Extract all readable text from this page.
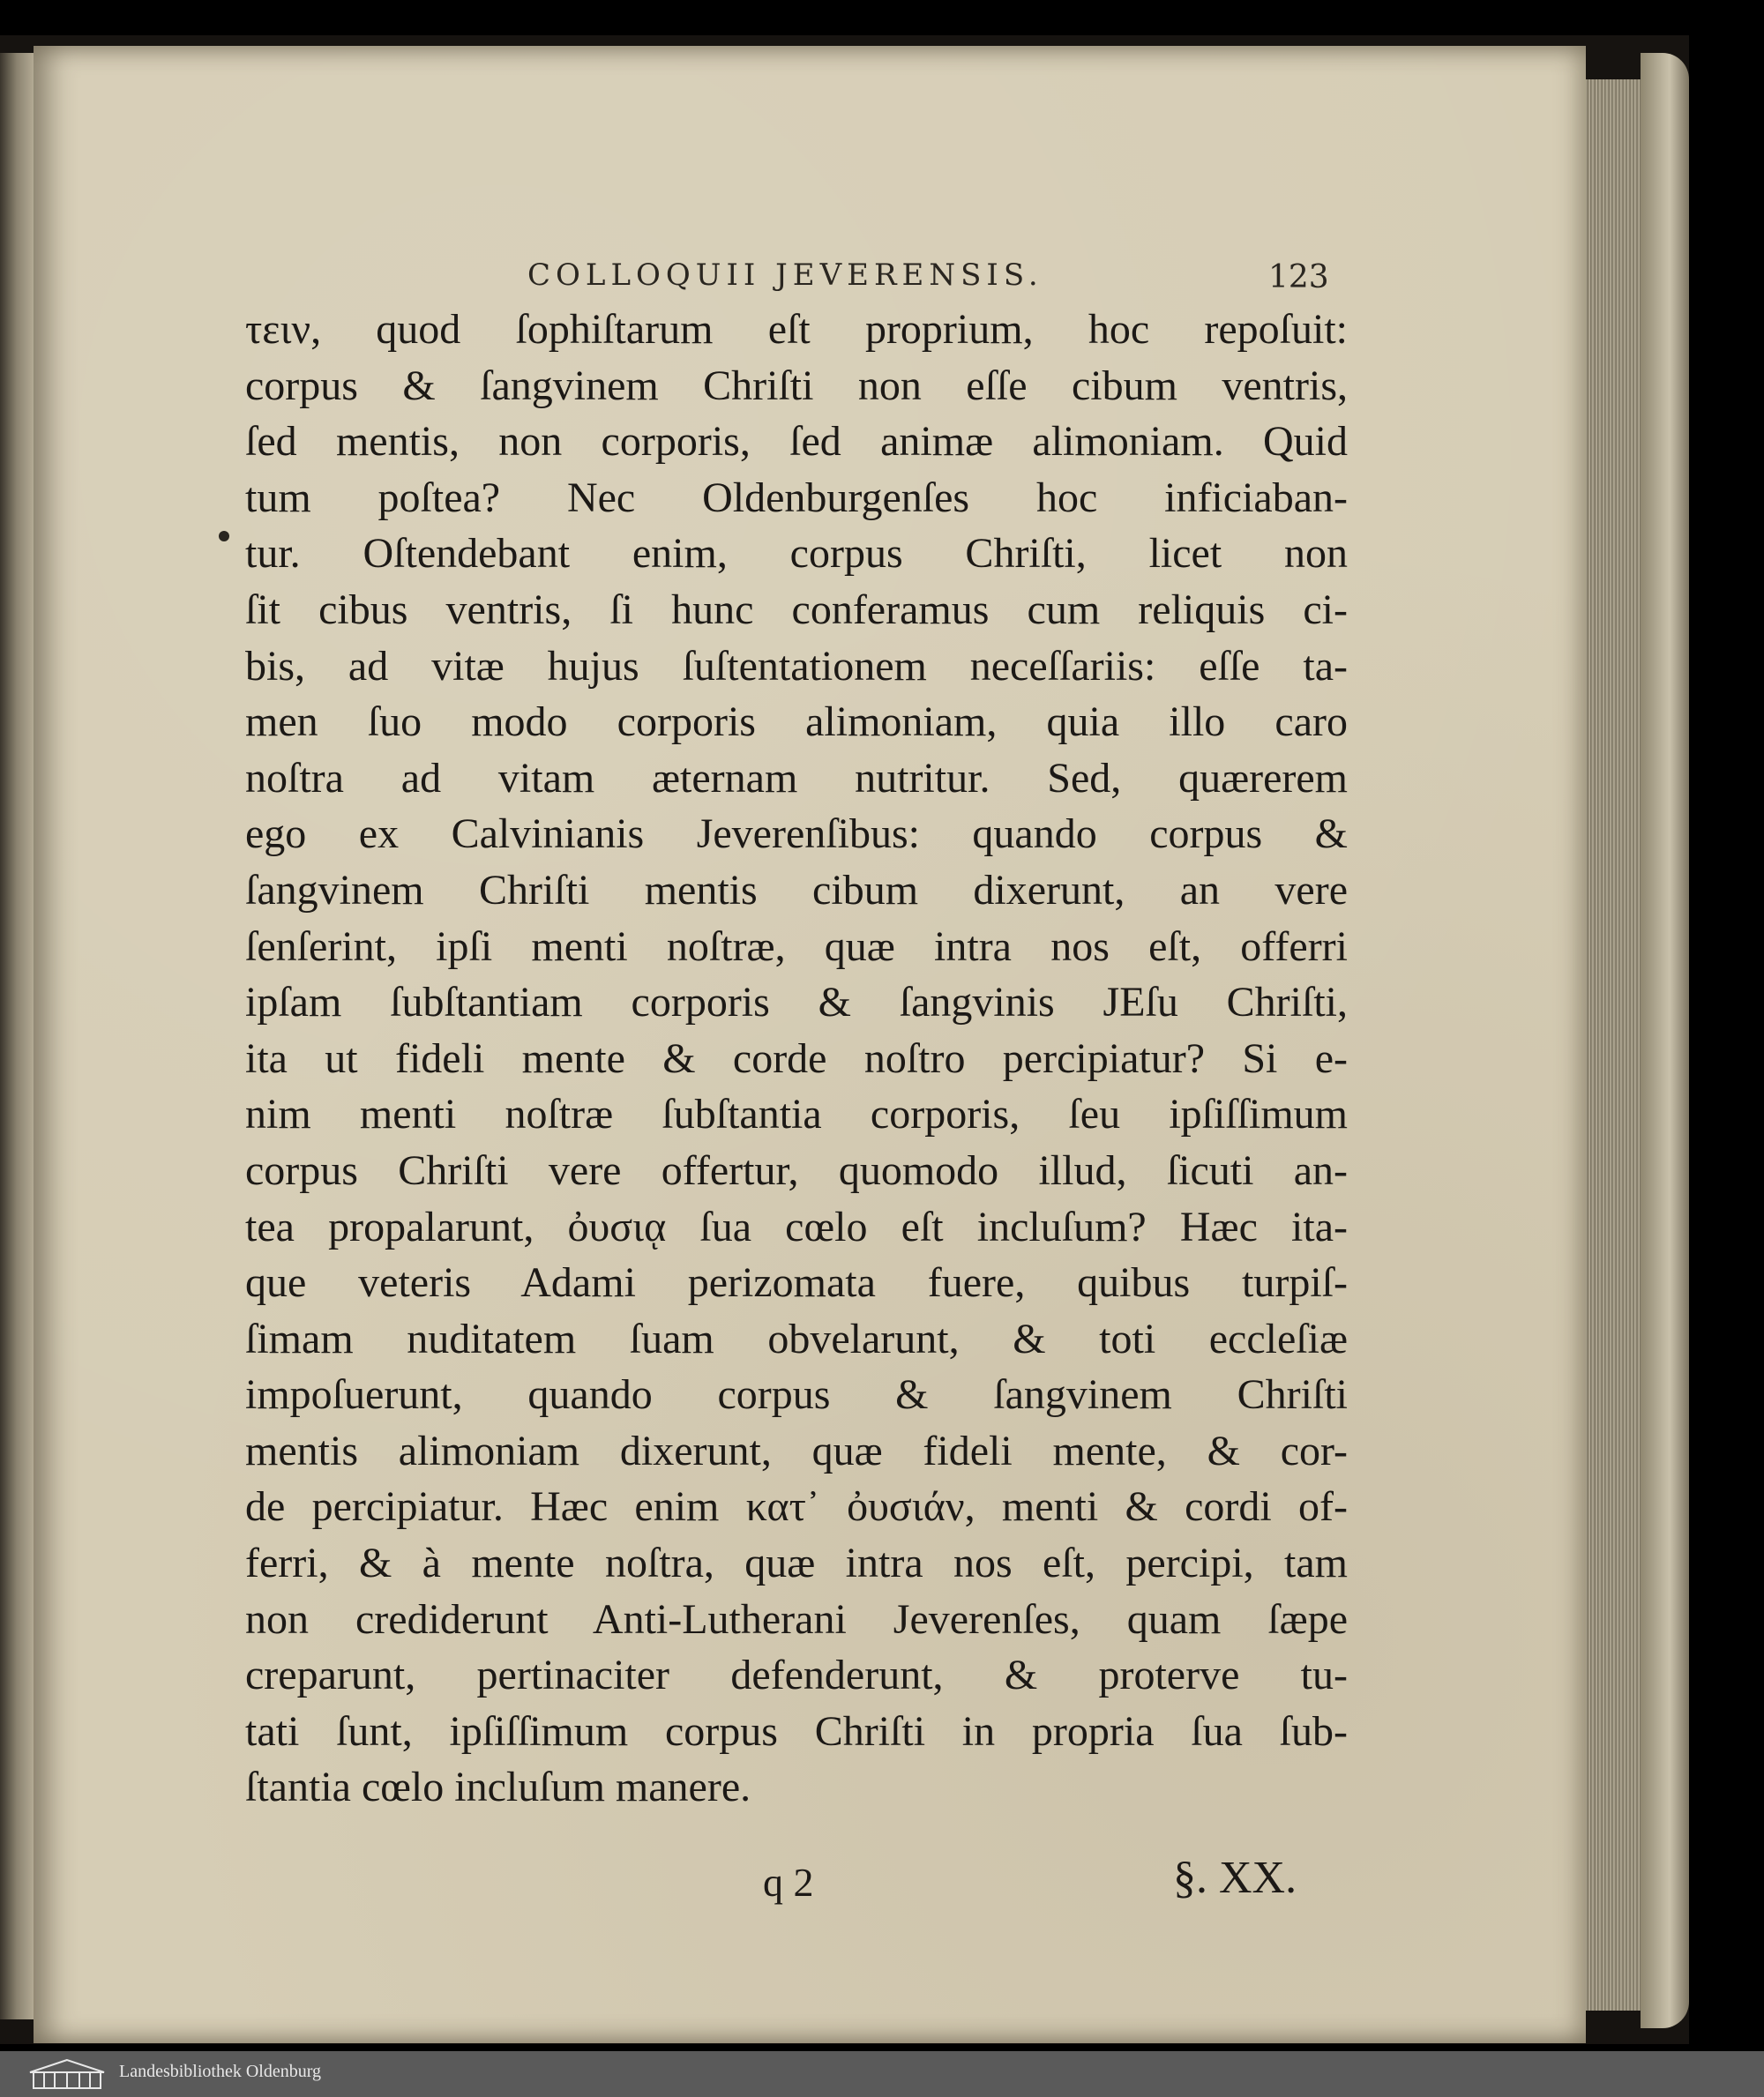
COLLOQUII JEVERENSIS.	123
τειν, quod ſophiſtarum eſt proprium, hoc repoſuit:
corpus & ſangvinem Chriſti non eſſe cibum ventris,
ſed mentis, non corporis, ſed animæ alimoniam. Quid
tum poſtea? Nec Oldenburgenſes hoc inficiaban-
tur. Oſtendebant enim, corpus Chriſti, licet non
ſit cibus ventris, ſi hunc conferamus cum reliquis ci-
bis, ad vitæ hujus ſuſtentationem neceſſariis: eſſe ta-
men ſuo modo corporis alimoniam, quia illo caro
noſtra ad vitam æternam nutritur. Sed, quærerem
ego ex Calvinianis Jeverenſibus: quando corpus &
ſangvinem Chriſti mentis cibum dixerunt, an vere
ſenſerint, ipſi menti noſtræ, quæ intra nos eſt, offerri
ipſam ſubſtantiam corporis & ſangvinis JEſu Chriſti,
ita ut fideli mente & corde noſtro percipiatur? Si e-
nim menti noſtræ ſubſtantia corporis, ſeu ipſiſſimum
corpus Chriſti vere offertur, quomodo illud, ſicuti an-
tea propalarunt, ὀυσιᾳ ſua cœlo eſt incluſum? Hæc ita-
que veteris Adami perizomata fuere, quibus turpiſ-
ſimam nuditatem ſuam obvelarunt, & toti eccleſiæ
impoſuerunt, quando corpus & ſangvinem Chriſti
mentis alimoniam dixerunt, quæ fideli mente, & cor-
de percipiatur. Hæc enim κατ᾽ ὀυσιάν, menti & cordi of-
ferri, & à mente noſtra, quæ intra nos eſt, percipi, tam
non crediderunt Anti-Lutherani Jeverenſes, quam ſæpe
creparunt, pertinaciter defenderunt, & proterve tu-
tati ſunt, ipſiſſimum corpus Chriſti in propria ſua ſub-
ſtantia cœlo incluſum manere.
q 2	§. XX.
Landesbibliothek Oldenburg
